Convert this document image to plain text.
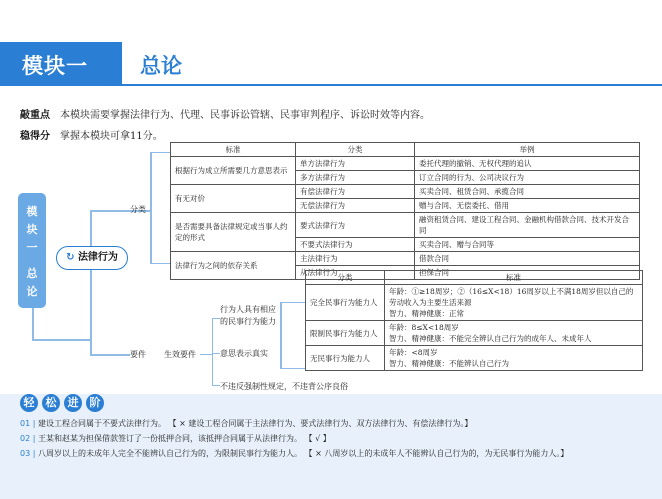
模块一 总论
敲重点 本模块需要掌握法律行为、代理、民事诉讼管辖、民事审判程序、诉讼时效等内容。
稳得分 掌握本模块可拿11分。
模
块
一
总
论
↻ 法律行为
分类
要件 生效要件
标准	分类	举例
根据行为成立所需要几方意思表示	单方法律行为	委托代理的撤销、无权代理的追认
	多方法律行为	订立合同的行为、公司决议行为
有无对价	有偿法律行为	买卖合同、租赁合同、承揽合同
	无偿法律行为	赠与合同、无偿委托、借用
是否需要具备法律规定或当事人约定的形式	要式法律行为	融资租赁合同、建设工程合同、金融机构借款合同、技术开发合同
	不要式法律行为	买卖合同、赠与合同等
法律行为之间的依存关系	主法律行为	借款合同
	从法律行为	担保合同
行为人具有相应的民事行为能力
意思表示真实
不违反强制性规定，不违背公序良俗
分类	标准
完全民事行为能力人	年龄：①≥18周岁；②（16≤X<18）16周岁以上不满18周岁但以自己的劳动收入为主要生活来源
智力、精神健康：正常

限制民事行为能力人	年龄：8≤X<18周岁
智力、精神健康：不能完全辨认自己行为的成年人、未成年人

无民事行为能力人	年龄：<8周岁
智力、精神健康：不能辨认自己行为
轻	松	进	阶
01 | 建设工程合同属于不要式法律行为。 【 × 建设工程合同属于主法律行为、要式法律行为、双方法律行为、有偿法律行为。】
02 | 王某和赵某为担保借款签订了一份抵押合同，该抵押合同属于从法律行为。 【 √ 】
03 | 八周岁以上的未成年人完全不能辨认自己行为的，为限制民事行为能力人。 【 × 八周岁以上的未成年人不能辨认自己行为的，为无民事行为能力人。】
